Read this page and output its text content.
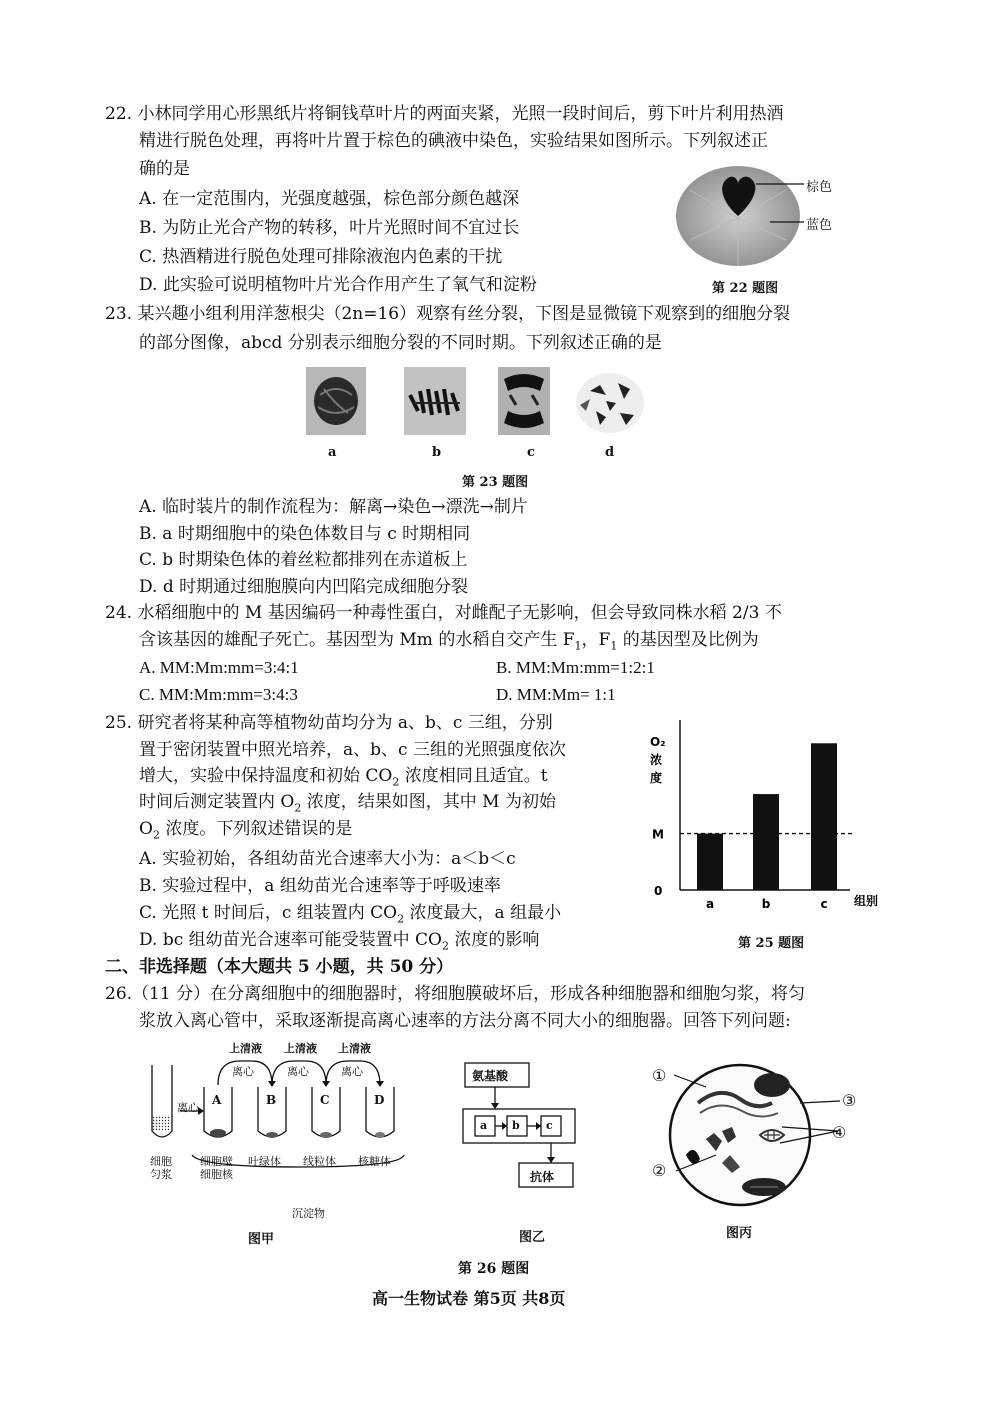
22. 小林同学用心形黑纸片将铜钱草叶片的两面夹紧，光照一段时间后，剪下叶片利用热酒
精进行脱色处理，再将叶片置于棕色的碘液中染色，实验结果如图所示。下列叙述正
确的是
A. 在一定范围内，光强度越强，棕色部分颜色越深
B. 为防止光合产物的转移，叶片光照时间不宜过长
C. 热酒精进行脱色处理可排除液泡内色素的干扰
D. 此实验可说明植物叶片光合作用产生了氧气和淀粉
棕色
蓝色
第 22 题图
23. 某兴趣小组利用洋葱根尖（2n=16）观察有丝分裂，下图是显微镜下观察到的细胞分裂
的部分图像，abcd 分别表示细胞分裂的不同时期。下列叙述正确的是
a	b	c	d
第 23 题图
A. 临时装片的制作流程为：解离→染色→漂洗→制片
B. a 时期细胞中的染色体数目与 c 时期相同
C. b 时期染色体的着丝粒都排列在赤道板上
D. d 时期通过细胞膜向内凹陷完成细胞分裂
24. 水稻细胞中的 M 基因编码一种毒性蛋白，对雌配子无影响，但会导致同株水稻 2/3 不
含该基因的雄配子死亡。基因型为 Mm 的水稻自交产生 $F_1$，$F_1$ 的基因型及比例为
A. MM:Mm:mm=3:4:1	B. MM:Mm:mm=1:2:1
C. MM:Mm:mm=3:4:3	D. MM:Mm= 1:1
25. 研究者将某种高等植物幼苗均分为 a、b、c 三组，分别
置于密闭装置中照光培养，a、b、c 三组的光照强度依次
增大，实验中保持温度和初始 $CO_2$ 浓度相同且适宜。t
时间后测定装置内 $O_2$ 浓度，结果如图，其中 M 为初始
$O_2$ 浓度。下列叙述错误的是
A. 实验初始，各组幼苗光合速率大小为：a＜b＜c
B. 实验过程中，a 组幼苗光合速率等于呼吸速率
C. 光照 t 时间后，c 组装置内 $CO_2$ 浓度最大，a 组最小
D. bc 组幼苗光合速率可能受装置中 $CO_2$ 浓度的影响
O₂
浓
度
0
M
a	b	c 组别
第 25 题图
二、非选择题（本大题共 5 小题，共 50 分）
26.（11 分）在分离细胞中的细胞器时，将细胞膜破坏后，形成各种细胞器和细胞匀浆，将匀
浆放入离心管中，采取逐渐提高离心速率的方法分离不同大小的细胞器。回答下列问题:
上清液 上清液 上清液
离心	离心	离心
离心
A	B	C	D
细胞
匀浆
细胞壁
细胞核
叶绿体 线粒体 核糖体
沉淀物
图甲
氨基酸
a b c
抗体
图乙
①
②
③
④
图丙
第 26 题图
高一生物试卷 第5页 共8页
